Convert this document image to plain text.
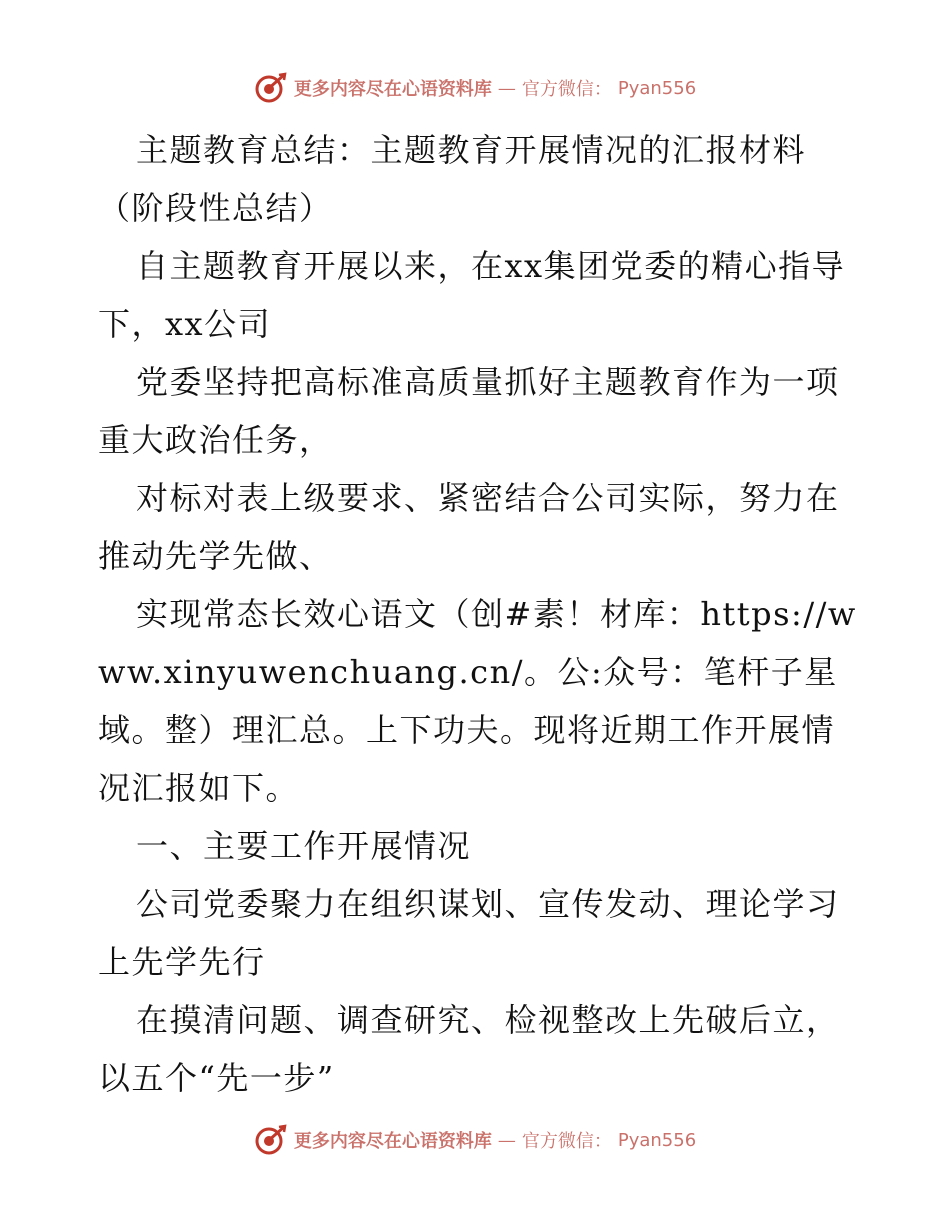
更多内容尽在心语资料库 — 官方微信： Pyan556

主题教育总结：主题教育开展情况的汇报材料（阶段性总结）

自主题教育开展以来，在xx集团党委的精心指导下，xx公司

党委坚持把高标准高质量抓好主题教育作为一项重大政治任务，

对标对表上级要求、紧密结合公司实际，努力在推动先学先做、

实现常态长效心语文（创#素！材库：https://www.xinyuwenchuang.cn/。公:众号：笔杆子星域。整）理汇总。上下功夫。现将近期工作开展情况汇报如下。

一、主要工作开展情况

公司党委聚力在组织谋划、宣传发动、理论学习上先学先行

在摸清问题、调查研究、检视整改上先破后立，以五个“先一步”

更多内容尽在心语资料库 — 官方微信： Pyan556
